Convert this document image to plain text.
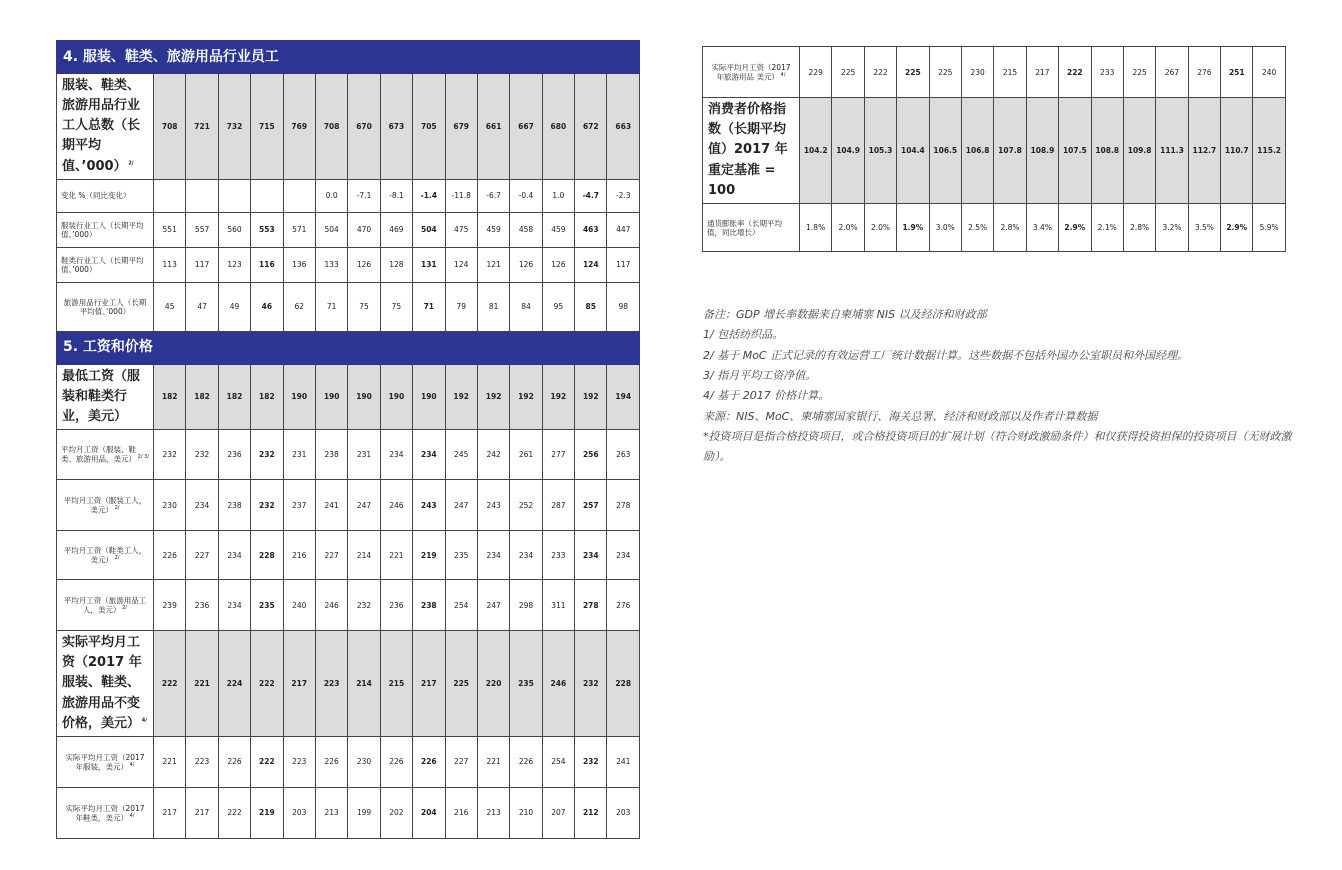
4. 服装、鞋类、旅游用品行业员工															
服装、鞋类、旅游用品行业工人总数（长期平均值、’000） $^{2/}$	708	721	732	715	769	708	670	673	705	679	661	667	680	672	663
变化 %（同比变化）						0.0	-7.1	-8.1	-1.4	-11.8	-6.7	-0.4	1.0	-4.7	-2.3
服装行业工人（长期平均值、’000）	551	557	560	553	571	504	470	469	504	475	459	458	459	463	447
鞋类行业工人（长期平均值、’000）	113	117	123	116	136	133	126	128	131	124	121	126	126	124	117
旅游用品行业工人（长期平均值、’000）	45	47	49	46	62	71	75	75	71	79	81	84	95	85	98
5. 工资和价格															
最低工资（服装和鞋类行业，美元）	182	182	182	182	190	190	190	190	190	192	192	192	192	192	194
平均月工资（服装、鞋类、旅游用品，美元） $^{2/ 3/}$	232	232	236	232	231	238	231	234	234	245	242	261	277	256	263
平均月工资（服装工人，美元） $^{2/}$	230	234	238	232	237	241	247	246	243	247	243	252	287	257	278
平均月工资（鞋类工人，美元） $^{2/}$	226	227	234	228	216	227	214	221	219	235	234	234	233	234	234
平均月工资（旅游用品工人，美元） $^{2/}$	239	236	234	235	240	246	232	236	238	254	247	298	311	278	276
实际平均月工资（2017 年服装、鞋类、旅游用品不变价格，美元） $^{4/}$	222	221	224	222	217	223	214	215	217	225	220	235	246	232	228
实际平均月工资（2017 年服装，美元） $^{4/}$	221	223	226	222	223	226	230	226	226	227	221	226	254	232	241
实际平均月工资（2017 年鞋类，美元） $^{4/}$	217	217	222	219	203	213	199	202	204	216	213	210	207	212	203
实际平均月工资（2017 年旅游用品 美元） $^{4/}$	229	225	222	225	225	230	215	217	222	233	225	267	276	251	240
消费者价格指数（长期平均值）2017 年重定基准 = 100	104.2	104.9	105.3	104.4	106.5	106.8	107.8	108.9	107.5	108.8	109.8	111.3	112.7	110.7	115.2
通货膨胀率（长期平均值，同比增长）	1.8%	2.0%	2.0%	1.9%	3.0%	2.5%	2.8%	3.4%	2.9%	2.1%	2.8%	3.2%	3.5%	2.9%	5.9%

备注：GDP 增长率数据来自柬埔寨 NIS 以及经济和财政部

1/ 包括纺织品。

2/ 基于 MoC 正式记录的有效运营工厂统计数据计算。这些数据不包括外国办公室职员和外国经理。

3/ 指月平均工资净值。

4/ 基于 2017 价格计算。

来源：NIS、MoC、柬埔寨国家银行、海关总署、经济和财政部以及作者计算数据

*投资项目是指合格投资项目，或合格投资项目的扩展计划（符合财政激励条件）和仅获得投资担保的投资项目（无财政激励）。
